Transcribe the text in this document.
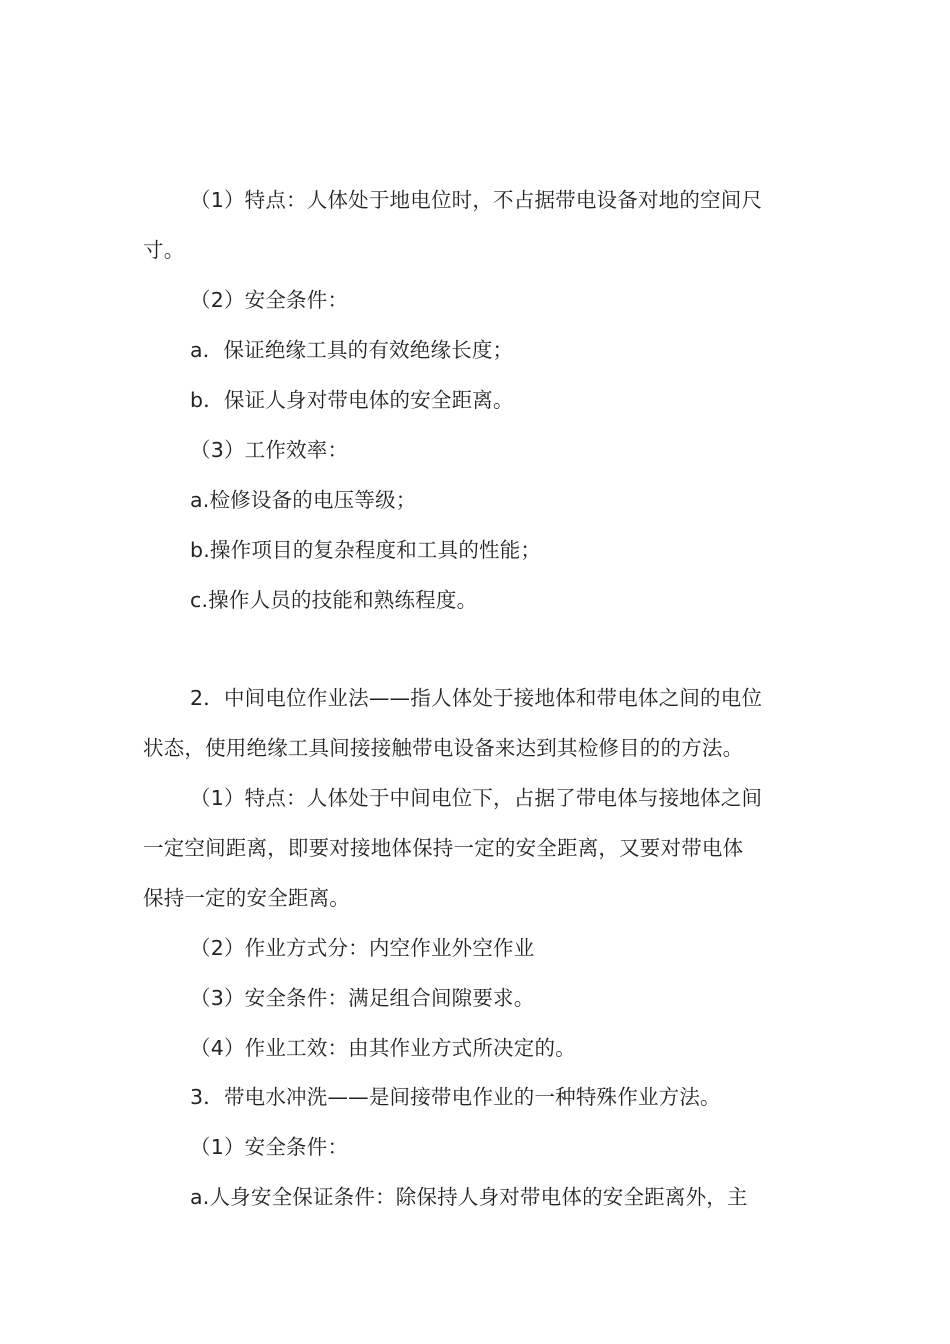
（1）特点：人体处于地电位时，不占据带电设备对地的空间尺
寸。
（2）安全条件：
a．保证绝缘工具的有效绝缘长度；
b．保证人身对带电体的安全距离。
（3）工作效率：
a.检修设备的电压等级；
b.操作项目的复杂程度和工具的性能；
c.操作人员的技能和熟练程度。
2．中间电位作业法——指人体处于接地体和带电体之间的电位
状态，使用绝缘工具间接接触带电设备来达到其检修目的的方法。
（1）特点：人体处于中间电位下，占据了带电体与接地体之间
一定空间距离，即要对接地体保持一定的安全距离，又要对带电体
保持一定的安全距离。
（2）作业方式分：内空作业外空作业
（3）安全条件：满足组合间隙要求。
（4）作业工效：由其作业方式所决定的。
3．带电水冲洗——是间接带电作业的一种特殊作业方法。
（1）安全条件：
a.人身安全保证条件：除保持人身对带电体的安全距离外，主
